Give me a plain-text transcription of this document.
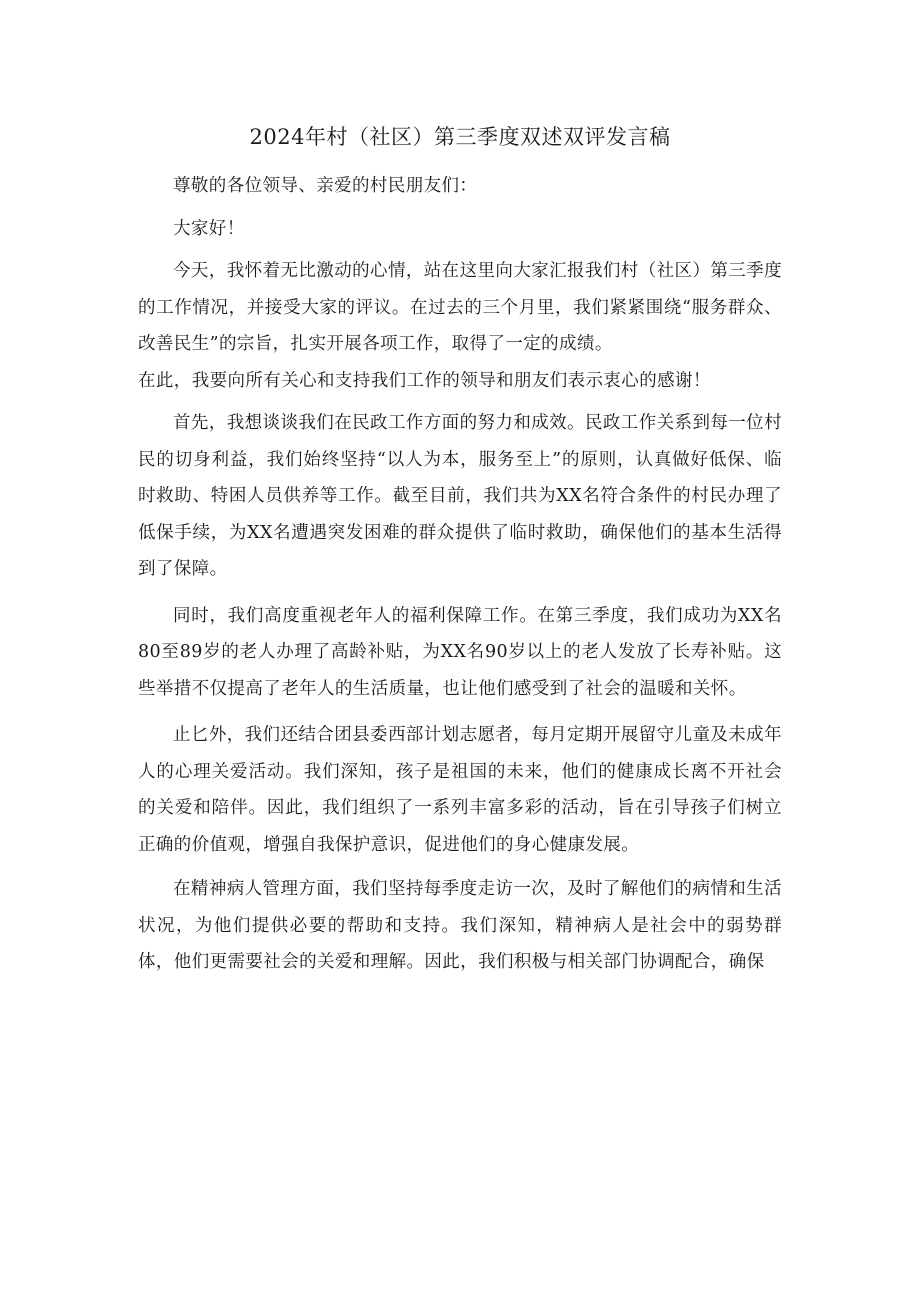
2024年村（社区）第三季度双述双评发言稿

尊敬的各位领导、亲爱的村民朋友们：

大家好！

今天，我怀着无比激动的心情，站在这里向大家汇报我们村（社区）第三季度的工作情况，并接受大家的评议。在过去的三个月里，我们紧紧围绕“服务群众、改善民生”的宗旨，扎实开展各项工作，取得了一定的成绩。

在此，我要向所有关心和支持我们工作的领导和朋友们表示衷心的感谢！

首先，我想谈谈我们在民政工作方面的努力和成效。民政工作关系到每一位村民的切身利益，我们始终坚持“以人为本，服务至上”的原则，认真做好低保、临时救助、特困人员供养等工作。截至目前，我们共为XX名符合条件的村民办理了低保手续，为XX名遭遇突发困难的群众提供了临时救助，确保他们的基本生活得到了保障。

同时，我们高度重视老年人的福利保障工作。在第三季度，我们成功为XX名80至89岁的老人办理了高龄补贴，为XX名90岁以上的老人发放了长寿补贴。这些举措不仅提高了老年人的生活质量，也让他们感受到了社会的温暖和关怀。

止匕外，我们还结合团县委西部计划志愿者，每月定期开展留守儿童及未成年人的心理关爱活动。我们深知，孩子是祖国的未来，他们的健康成长离不开社会的关爱和陪伴。因此，我们组织了一系列丰富多彩的活动，旨在引导孩子们树立正确的价值观，增强自我保护意识，促进他们的身心健康发展。

在精神病人管理方面，我们坚持每季度走访一次，及时了解他们的病情和生活状况，为他们提供必要的帮助和支持。我们深知，精神病人是社会中的弱势群体，他们更需要社会的关爱和理解。因此，我们积极与相关部门协调配合，确保
